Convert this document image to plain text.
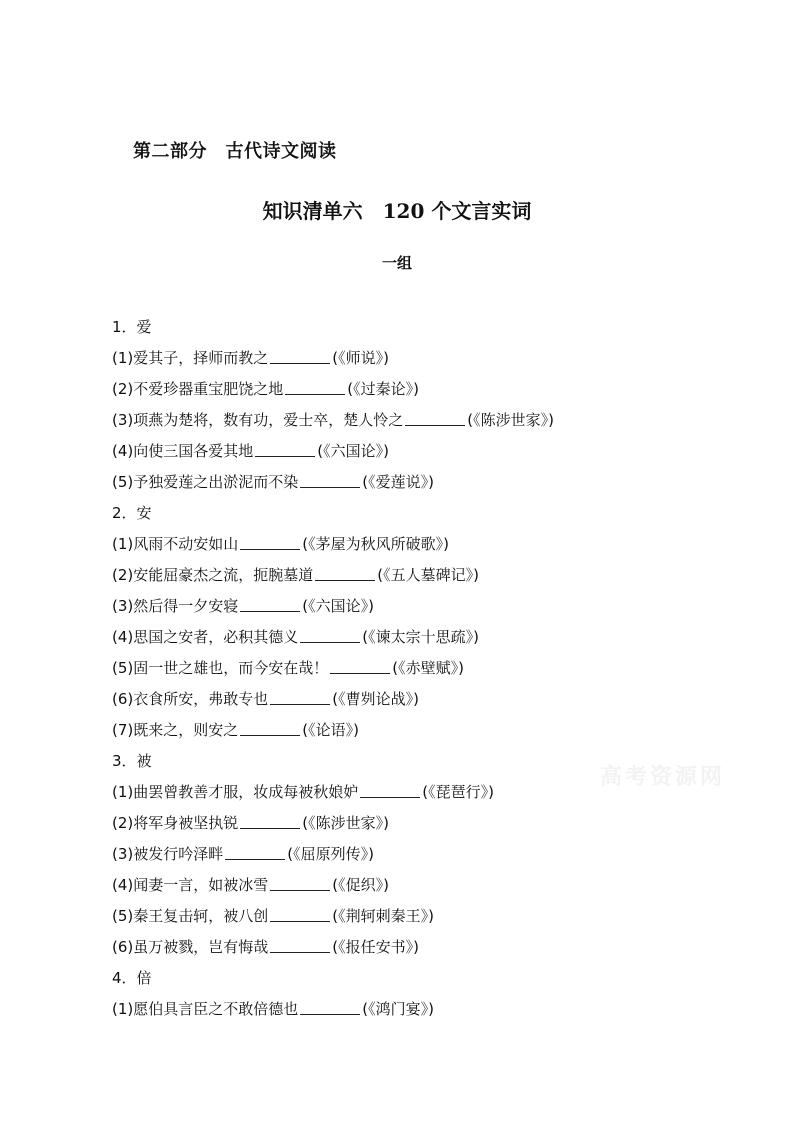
第二部分　古代诗文阅读
知识清单六　120 个文言实词
一组
高考资源网
1．爱
(1)爱其子，择师而教之	(《师说》)
(2)不爱珍器重宝肥饶之地	(《过秦论》)
(3)项燕为楚将，数有功，爱士卒，楚人怜之	(《陈涉世家》)
(4)向使三国各爱其地	(《六国论》)
(5)予独爱莲之出淤泥而不染	(《爱莲说》)
2．安
(1)风雨不动安如山	(《茅屋为秋风所破歌》)
(2)安能屈豪杰之流，扼腕墓道	(《五人墓碑记》)
(3)然后得一夕安寝	(《六国论》)
(4)思国之安者，必积其德义	(《谏太宗十思疏》)
(5)固一世之雄也，而今安在哉！	(《赤壁赋》)
(6)衣食所安，弗敢专也	(《曹刿论战》)
(7)既来之，则安之	(《论语》)
3．被
(1)曲罢曾教善才服，妆成每被秋娘妒	(《琵琶行》)
(2)将军身被坚执锐	(《陈涉世家》)
(3)被发行吟泽畔	(《屈原列传》)
(4)闻妻一言，如被冰雪	(《促织》)
(5)秦王复击轲，被八创	(《荆轲刺秦王》)
(6)虽万被戮，岂有悔哉	(《报任安书》)
4．倍
(1)愿伯具言臣之不敢倍德也	(《鸿门宴》)
